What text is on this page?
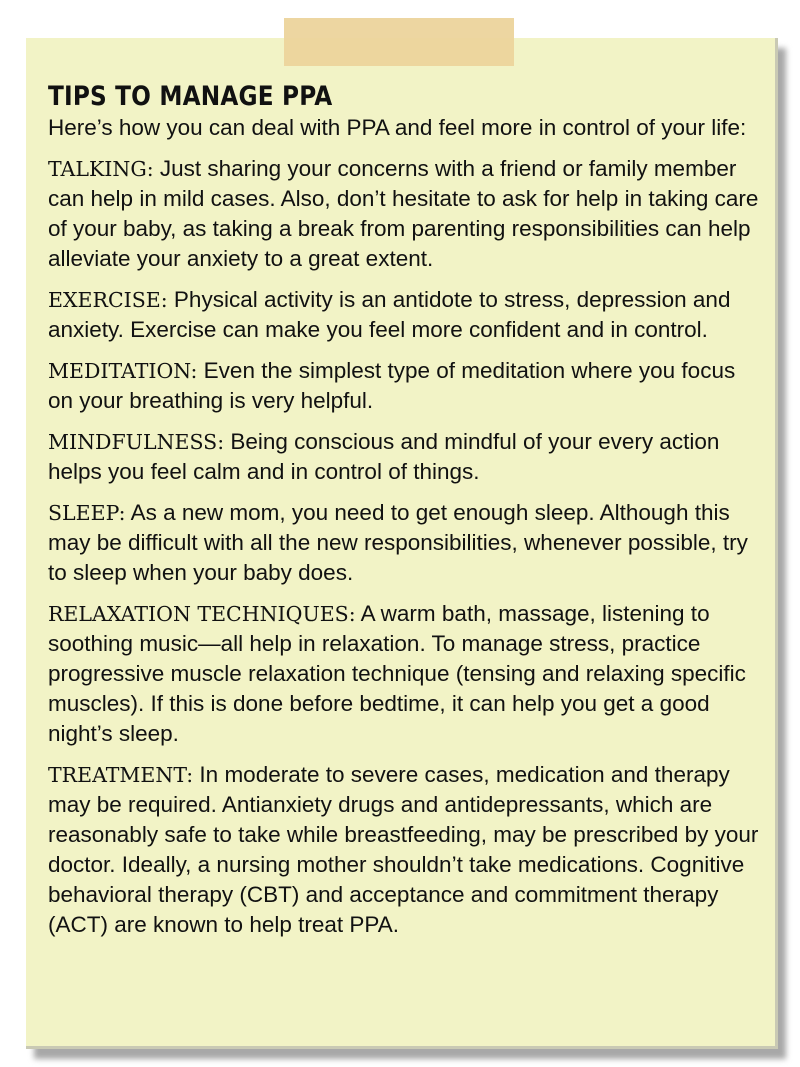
TIPS TO MANAGE PPA

Here’s how you can deal with PPA and feel more in control of your life:

TALKING: Just sharing your concerns with a friend or family member can help in mild cases. Also, don’t hesitate to ask for help in taking care of your baby, as taking a break from parenting responsibilities can help alleviate your anxiety to a great extent.

EXERCISE: Physical activity is an antidote to stress, depression and anxiety. Exercise can make you feel more confident and in control.

MEDITATION: Even the simplest type of meditation where you focus on your breathing is very helpful.

MINDFULNESS: Being conscious and mindful of your every action helps you feel calm and in control of things.

SLEEP: As a new mom, you need to get enough sleep. Although this may be difficult with all the new responsibilities, whenever possible, try to sleep when your baby does.

RELAXATION TECHNIQUES: A warm bath, massage, listening to soothing music—all help in relaxation. To manage stress, practice progressive muscle relaxation technique (tensing and relaxing specific muscles). If this is done before bedtime, it can help you get a good night’s sleep.

TREATMENT: In moderate to severe cases, medication and therapy may be required. Antianxiety drugs and antidepressants, which are reasonably safe to take while breastfeeding, may be prescribed by your doctor. Ideally, a nursing mother shouldn’t take medications. Cognitive behavioral therapy (CBT) and acceptance and commitment therapy (ACT) are known to help treat PPA.
